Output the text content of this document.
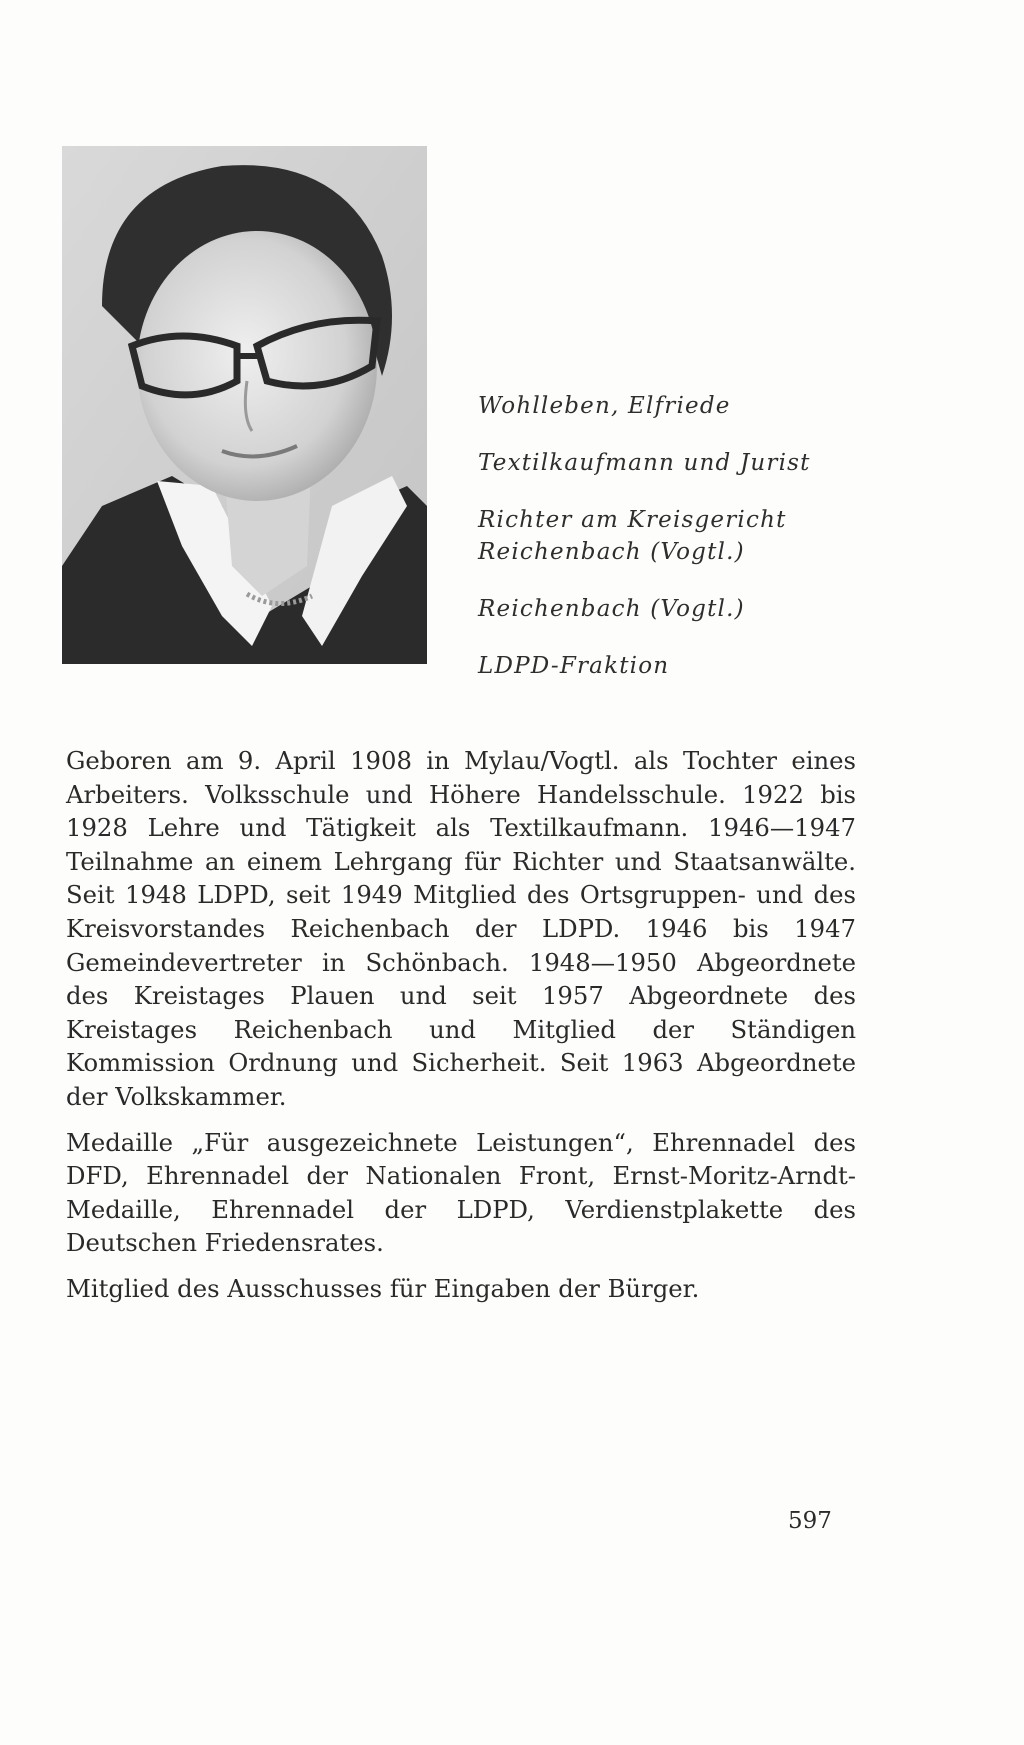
Wohlleben, Elfriede
Textilkaufmann und Jurist
Richter am Kreisgericht
Reichenbach (Vogtl.)
Reichenbach (Vogtl.)
LDPD-Fraktion

Geboren am 9. April 1908 in Mylau/Vogtl. als Tochter eines Arbeiters. Volksschule und Höhere Handelsschule. 1922 bis 1928 Lehre und Tätigkeit als Textilkaufmann. 1946—1947 Teilnahme an einem Lehrgang für Richter und Staatsanwälte. Seit 1948 LDPD, seit 1949 Mitglied des Ortsgruppen- und des Kreisvorstandes Reichenbach der LDPD. 1946 bis 1947 Gemeindevertreter in Schönbach. 1948—1950 Abgeordnete des Kreistages Plauen und seit 1957 Abgeordnete des Kreistages Reichenbach und Mitglied der Ständigen Kommission Ordnung und Sicherheit. Seit 1963 Abgeordnete der Volkskammer.

Medaille „Für ausgezeichnete Leistungen“, Ehrennadel des DFD, Ehrennadel der Nationalen Front, Ernst-Moritz-Arndt-Medaille, Ehrennadel der LDPD, Verdienstplakette des Deutschen Friedensrates.

Mitglied des Ausschusses für Eingaben der Bürger.

597
